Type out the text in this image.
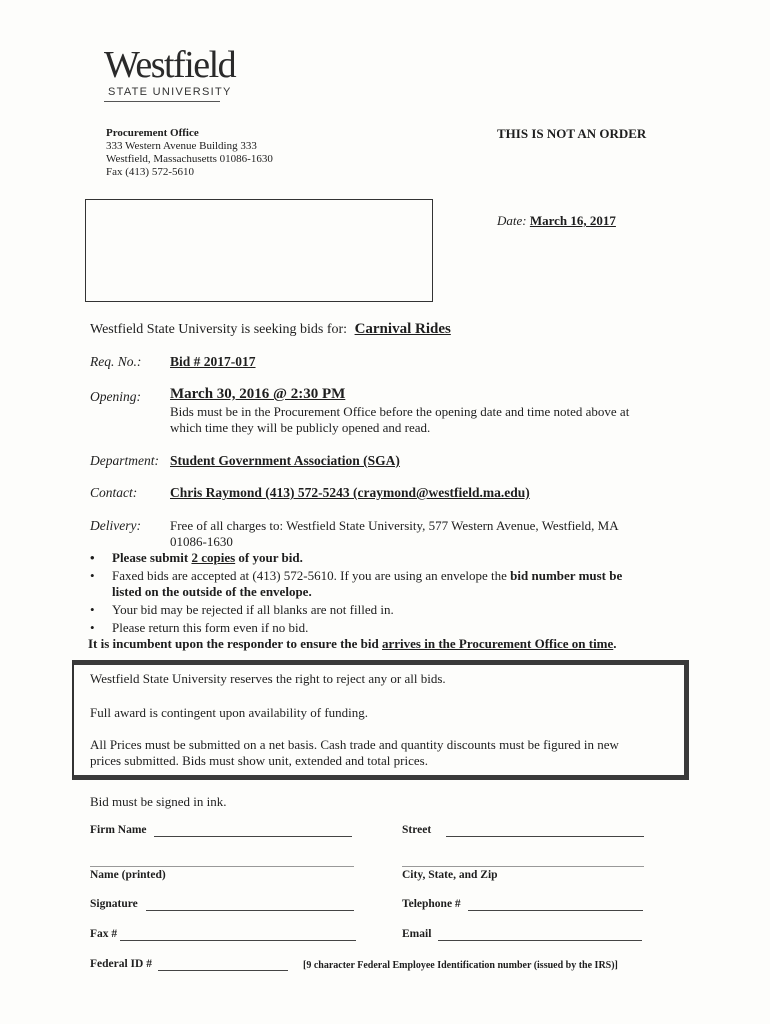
Westfield
STATE UNIVERSITY
Procurement Office
333 Western Avenue Building 333
Westfield, Massachusetts 01086-1630
Fax (413) 572-5610
THIS IS NOT AN ORDER
Date: March 16, 2017
Westfield State University is seeking bids for: Carnival Rides
Req. No.: Bid # 2017-017
Opening: March 30, 2016 @ 2:30 PM
Bids must be in the Procurement Office before the opening date and time noted above at
which time they will be publicly opened and read.
Department: Student Government Association (SGA)
Contact: Chris Raymond (413) 572-5243 (craymond@westfield.ma.edu)
Delivery: Free of all charges to: Westfield State University, 577 Western Avenue, Westfield, MA
01086-1630
• Please submit 2 copies of your bid.
• Faxed bids are accepted at (413) 572-5610. If you are using an envelope the bid number must be
listed on the outside of the envelope.
• Your bid may be rejected if all blanks are not filled in.
• Please return this form even if no bid.
It is incumbent upon the responder to ensure the bid arrives in the Procurement Office on time.
Westfield State University reserves the right to reject any or all bids.
Full award is contingent upon availability of funding.
All Prices must be submitted on a net basis. Cash trade and quantity discounts must be figured in new
prices submitted. Bids must show unit, extended and total prices.
Bid must be signed in ink.
Firm Name	Street
Name (printed)	City, State, and Zip
Signature	Telephone #
Fax #	Email
Federal ID #	[9 character Federal Employee Identification number (issued by the IRS)]
